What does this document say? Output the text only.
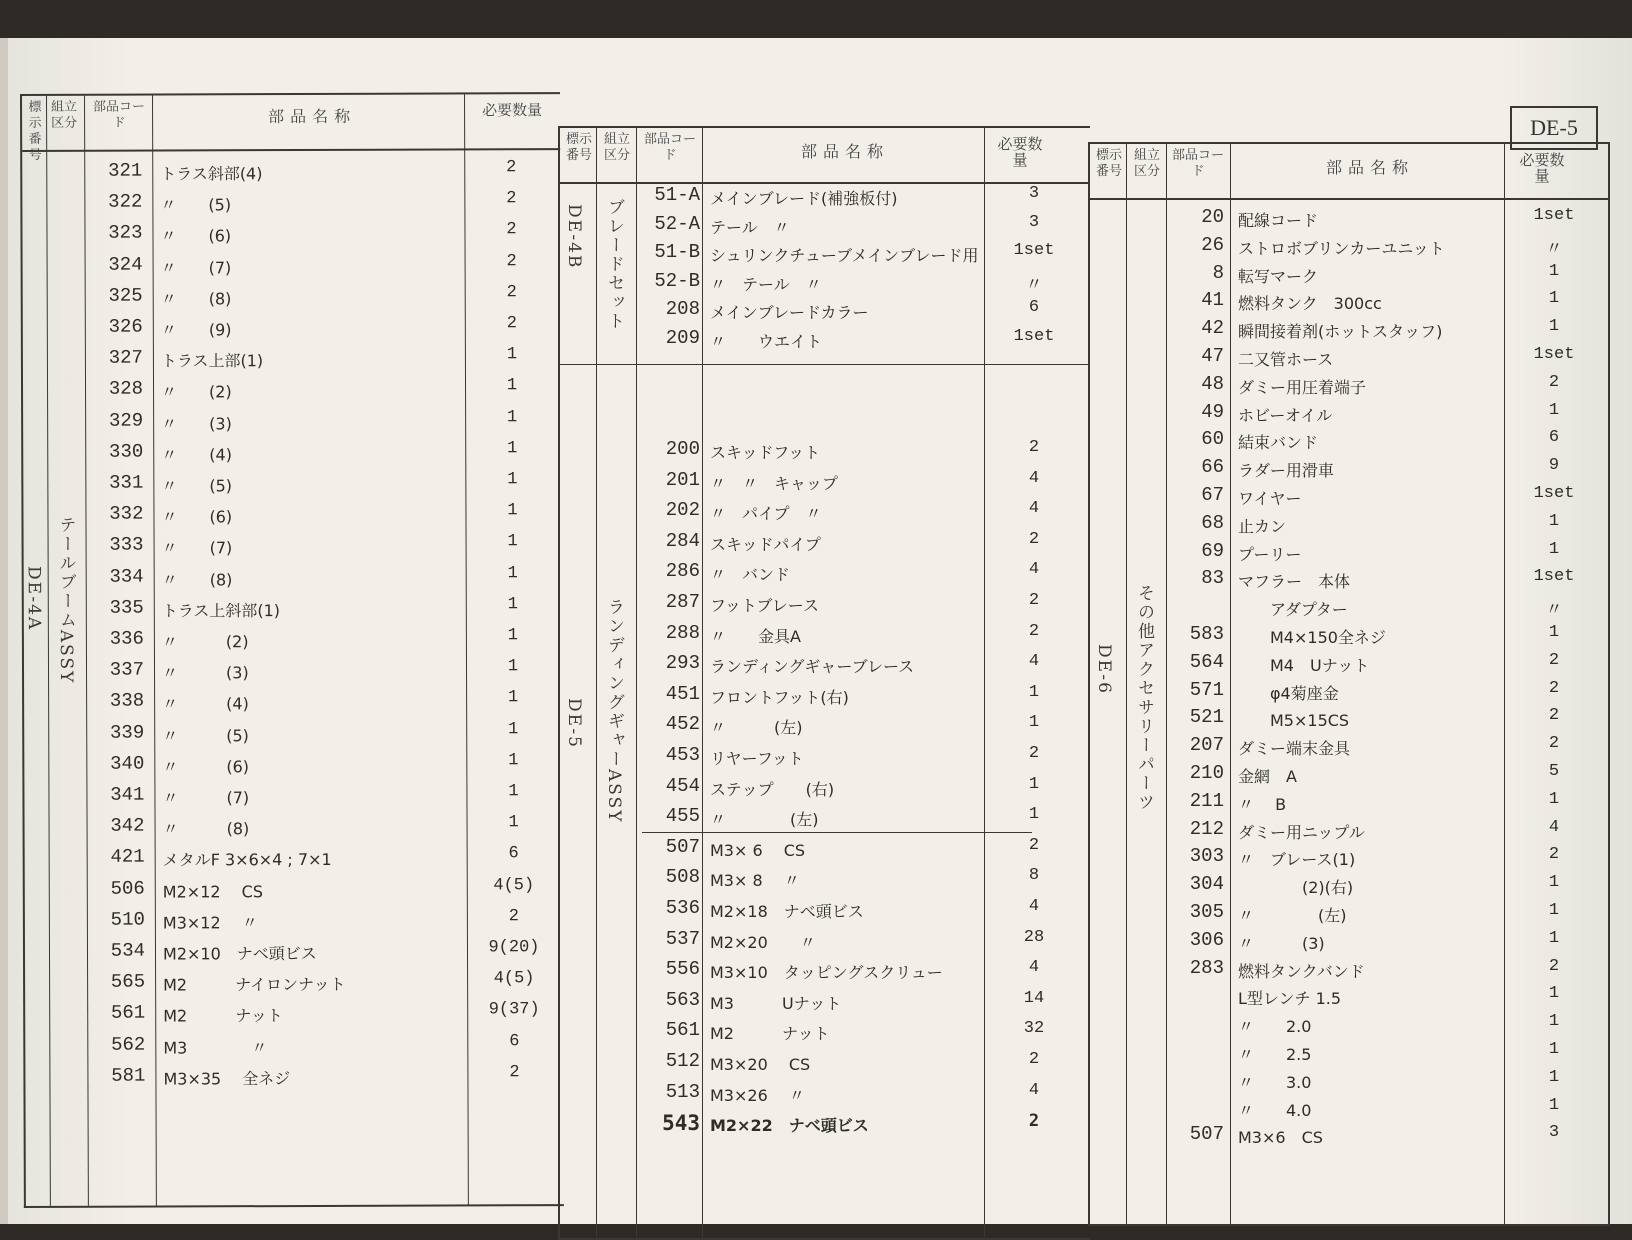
DE-5
標示番号
組立区分
部品コード	部品名称	必要数量
DE-4A テールブームASSY
321 トラス斜部(4)	2
322 〃　　(5)	2
323 〃　　(6)	2
324 〃　　(7)	2
325 〃　　(8)	2
326 〃　　(9)	2
327 トラス上部(1)	1
328 〃　　(2)	1
329 〃　　(3)	1
330 〃　　(4)	1
331 〃　　(5)	1
332 〃　　(6)	1
333 〃　　(7)	1
334 〃　　(8)	1
335 トラス上斜部(1)	1
336 〃　　　(2)	1
337 〃　　　(3)	1
338 〃　　　(4)	1
339 〃　　　(5)	1
340 〃　　　(6)	1
341 〃　　　(7)	1
342 〃　　　(8)	1
421 メタルF 3×6×4 ; 7×1	6
506 M2×12　 CS	4(5)
510 M3×12　 〃	2
534 M2×10　ナベ頭ビス	9(20)
565 M2　　　ナイロンナット	4(5)
561 M2　　　ナット	9(37)
562 M3　　　　〃	6
581 M3×35　 全ネジ	2
標示番号
組立区分
部品コード	部品名称	必要数量
DE-4B ブレードセット
DE-5 ランディングギャーASSY
51-A メインブレード(補強板付)	3
52-A テール　〃	3
51-B シュリンクチューブメインブレード用	1set
52-B 〃　テール　〃	〃
208 メインブレードカラー	6
209 〃　　ウエイト	1set
200 スキッドフット	2
201 〃　〃　キャップ	4
202 〃　パイプ　〃	4
284 スキッドパイプ	2
286 〃　バンド	4
287 フットブレース	2
288 〃　　金具A	2
293 ランディングギャーブレース	4
451 フロントフット(右)	1
452 〃　　　(左)	1
453 リヤーフット	2
454 ステップ　　(右)	1
455 〃　　　　(左)	1
507 M3× 6　 CS	2
508 M3× 8　 〃	8
536 M2×18　ナベ頭ビス	4
537 M2×20　　〃	28
556 M3×10　タッピングスクリュー	4
563 M3　　　Uナット	14
561 M2　　　ナット	32
512 M3×20　 CS	2
513 M3×26　 〃	4
543 M2×22　ナベ頭ビス	2
標示番号
組立区分
部品コード	部品名称	必要数量
DE-6 その他アクセサリーパーツ
20 配線コード	1set
26 ストロボブリンカーユニット	〃
8 転写マーク	1
41 燃料タンク　300cc	1
42 瞬間接着剤(ホットスタッフ)	1
47 二又管ホース	1set
48 ダミー用圧着端子	2
49 ホビーオイル	1
60 結束バンド	6
66 ラダー用滑車	9
67 ワイヤー	1set
68 止カン	1
69 プーリー	1
83 マフラー　本体	1set
　　アダプター	〃
583 　　M4×150全ネジ	1
564 　　M4　Uナット	2
571 　　φ4菊座金	2
521 　　M5×15CS	2
207 ダミー端末金具	2
210 金網　A	5
211 〃　 B	1
212 ダミー用ニップル	4
303 〃　ブレース(1)	2
304 　　　　(2)(右)	1
305 〃　　　　(左)	1
306 〃　　　(3)	1
283 燃料タンクバンド	2
L型レンチ 1.5	1
〃　　2.0	1
〃　　2.5	1
〃　　3.0	1
〃　　4.0	1
507 M3×6　CS	3
